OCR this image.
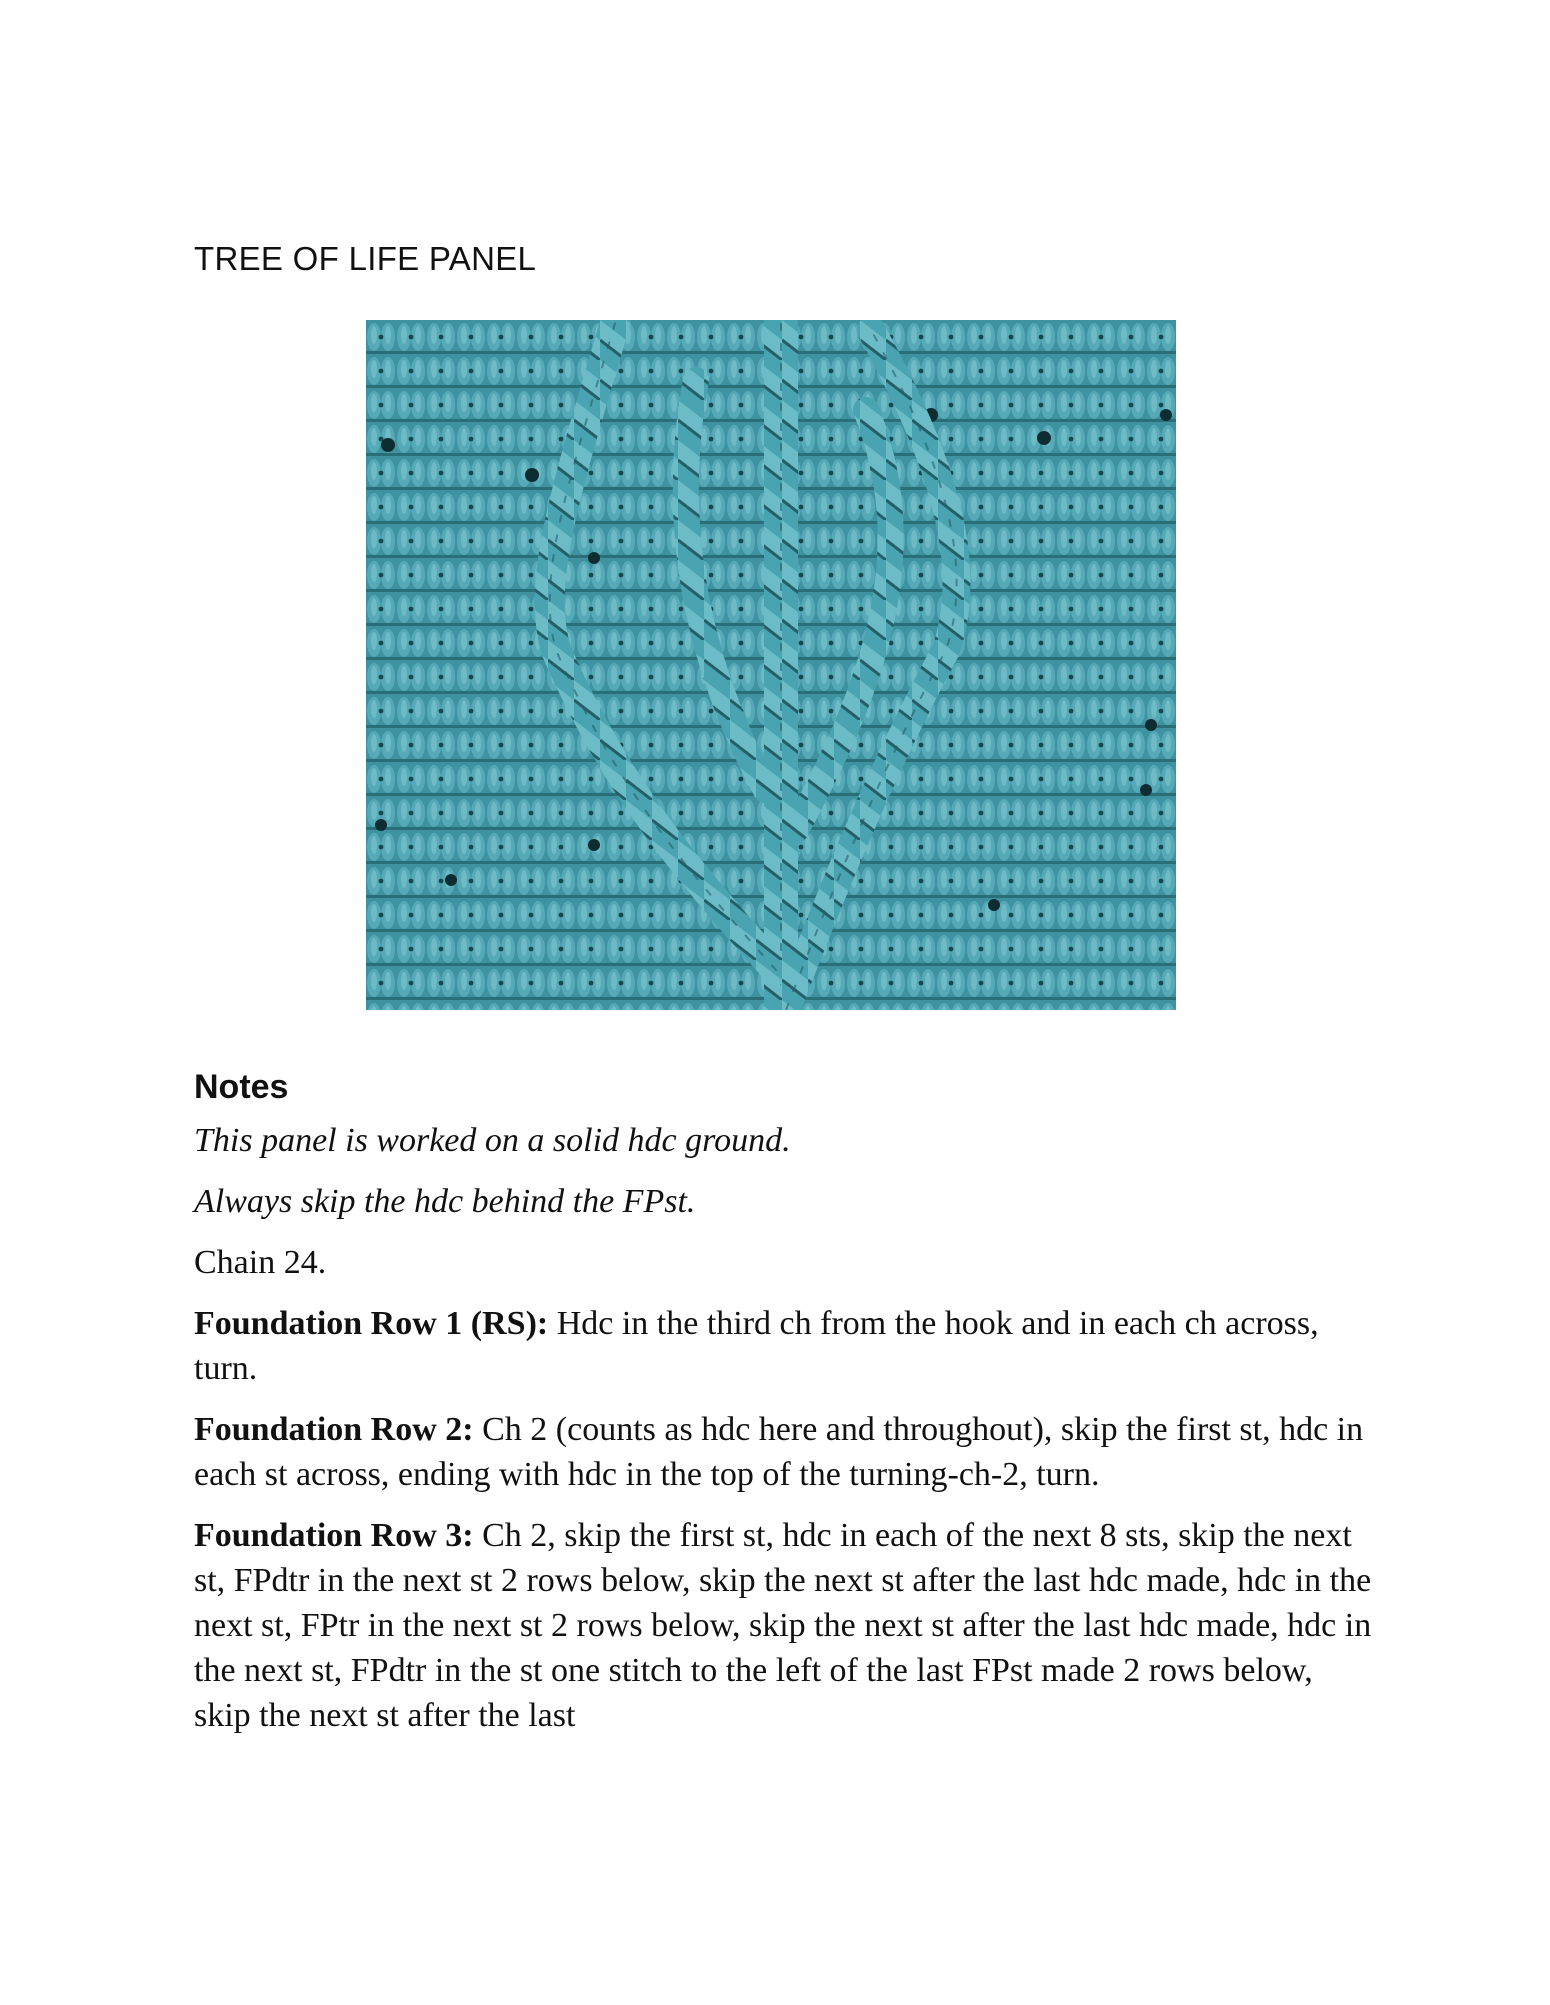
TREE OF LIFE PANEL
Notes

This panel is worked on a solid hdc ground.

Always skip the hdc behind the FPst.

Chain 24.

Foundation Row 1 (RS): Hdc in the third ch from the hook and in each ch across, turn.

Foundation Row 2: Ch 2 (counts as hdc here and throughout), skip the first st, hdc in each st across, ending with hdc in the top of the turning-ch-2, turn.

Foundation Row 3: Ch 2, skip the first st, hdc in each of the next 8 sts, skip the next st, FPdtr in the next st 2 rows below, skip the next st after the last hdc made, hdc in the next st, FPtr in the next st 2 rows below, skip the next st after the last hdc made, hdc in the next st, FPdtr in the st one stitch to the left of the last FPst made 2 rows below, skip the next st after the last
